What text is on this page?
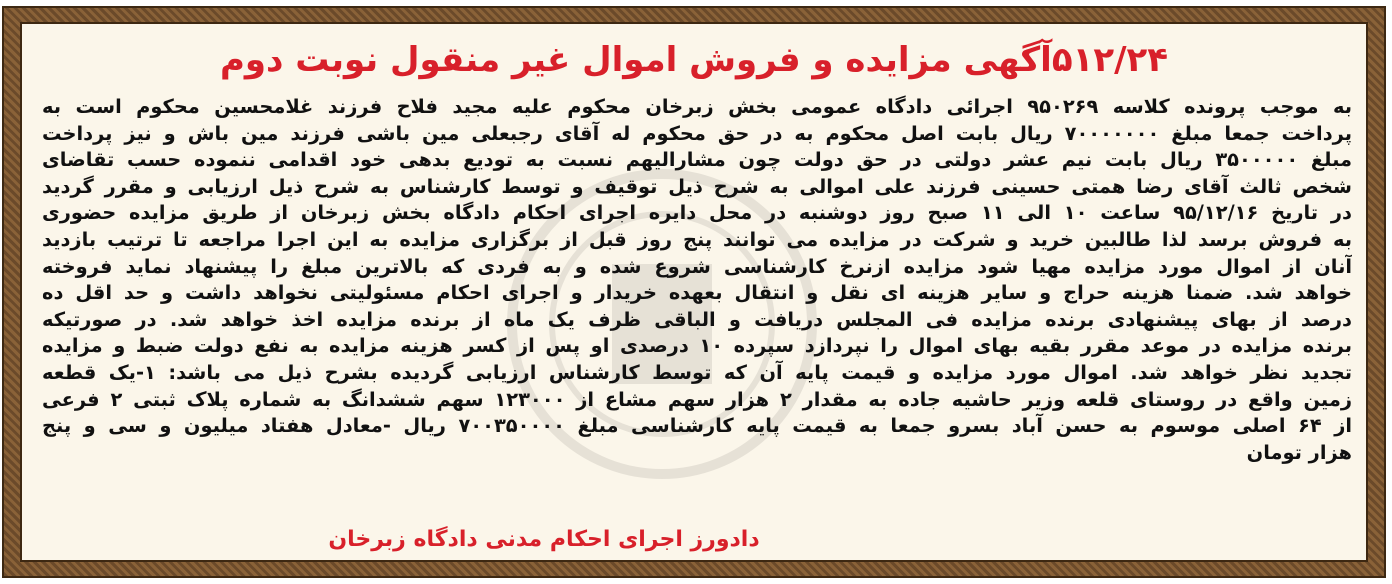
۵۱۲/۲۴آگهی مزایده و فروش اموال غیر منقول نوبت دوم
به موجب پرونده کلاسه ۹۵۰۲۶۹ اجرائی دادگاه عمومی بخش زبرخان محکوم علیه مجید فلاح فرزند غلامحسین محکوم است به
پرداخت جمعا مبلغ ۷۰۰۰۰۰۰۰ ریال بابت اصل محکوم به در حق محکوم له آقای رجبعلی مین باشی فرزند مین باش و نیز پرداخت
مبلغ ۳۵۰۰۰۰۰ ریال بابت نیم عشر دولتی در حق دولت چون مشارالیهم نسبت به تودیع بدهی خود اقدامی ننموده حسب تقاضای
شخص ثالث آقای رضا همتی حسینی فرزند علی اموالی به شرح ذیل توقیف و توسط کارشناس به شرح ذیل ارزیابی و مقرر گردید
در تاریخ ۹۵/۱۲/۱۶ ساعت ۱۰ الی ۱۱ صبح روز دوشنبه در محل دایره اجرای احکام دادگاه بخش زبرخان از طریق مزایده حضوری
به فروش برسد لذا طالبین خرید و شرکت در مزایده می توانند پنج روز قبل از برگزاری مزایده به این اجرا مراجعه تا ترتیب بازدید
آنان از اموال مورد مزایده مهیا شود مزایده ازنرخ کارشناسی شروع شده و به فردی که بالاترین مبلغ را پیشنهاد نماید فروخته
خواهد شد. ضمنا هزینه حراج و سایر هزینه ای نقل و انتقال بعهده خریدار و اجرای احکام مسئولیتی نخواهد داشت و حد اقل ده
درصد از بهای پیشنهادی برنده مزایده فی المجلس دریافت و الباقی ظرف یک ماه از برنده مزایده اخذ خواهد شد. در صورتیکه
برنده مزایده در موعد مقرر بقیه بهای اموال را نپردازد سپرده ۱۰ درصدی او پس از کسر هزینه مزایده به نفع دولت ضبط و مزایده
تجدید نظر خواهد شد. اموال مورد مزایده و قیمت پایه آن که توسط کارشناس ارزیابی گردیده بشرح ذیل می باشد: ۱-یک قطعه
زمین واقع در روستای قلعه وزیر حاشیه جاده به مقدار ۲ هزار سهم مشاع از ۱۲۳۰۰۰ سهم ششدانگ به شماره پلاک ثبتی ۲ فرعی
از ۶۴ اصلی موسوم به حسن آباد بسرو جمعا به قیمت پایه کارشناسی مبلغ ۷۰۰۳۵۰۰۰۰ ریال -معادل هفتاد میلیون و سی و پنج
هزار تومان
دادورز اجرای احکام مدنی دادگاه زبرخان
